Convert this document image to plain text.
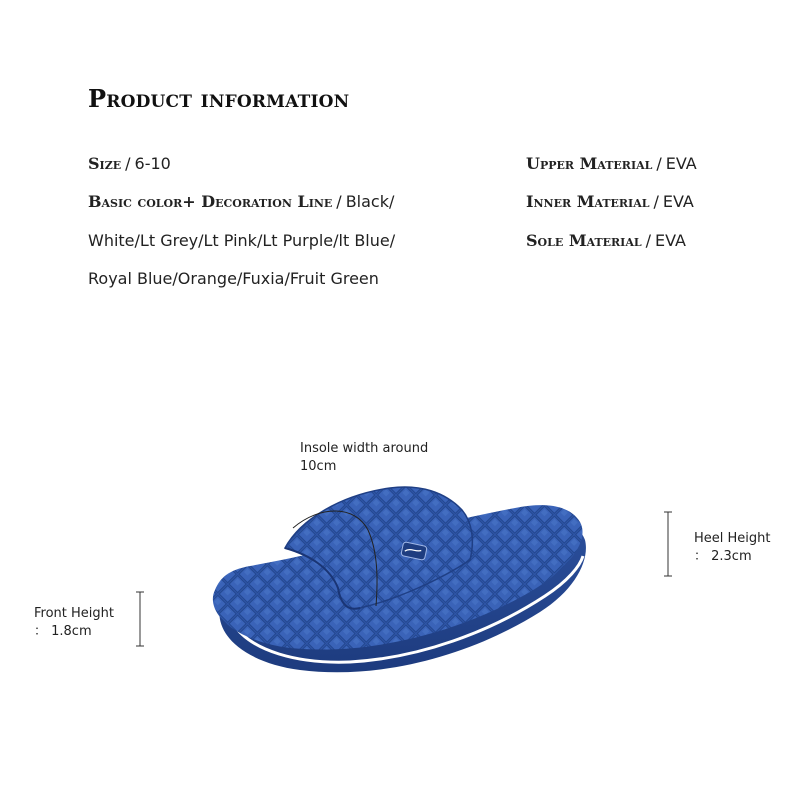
Product information
Size / 6-10
Basic color+ Decoration Line / Black/
White/Lt Grey/Lt Pink/Lt Purple/lt Blue/
Royal Blue/Orange/Fuxia/Fruit Green
Upper Material / EVA
Inner Material / EVA
Sole Material / EVA
Insole width around
10cm
Heel Height
： 2.3cm
Front Height
： 1.8cm
